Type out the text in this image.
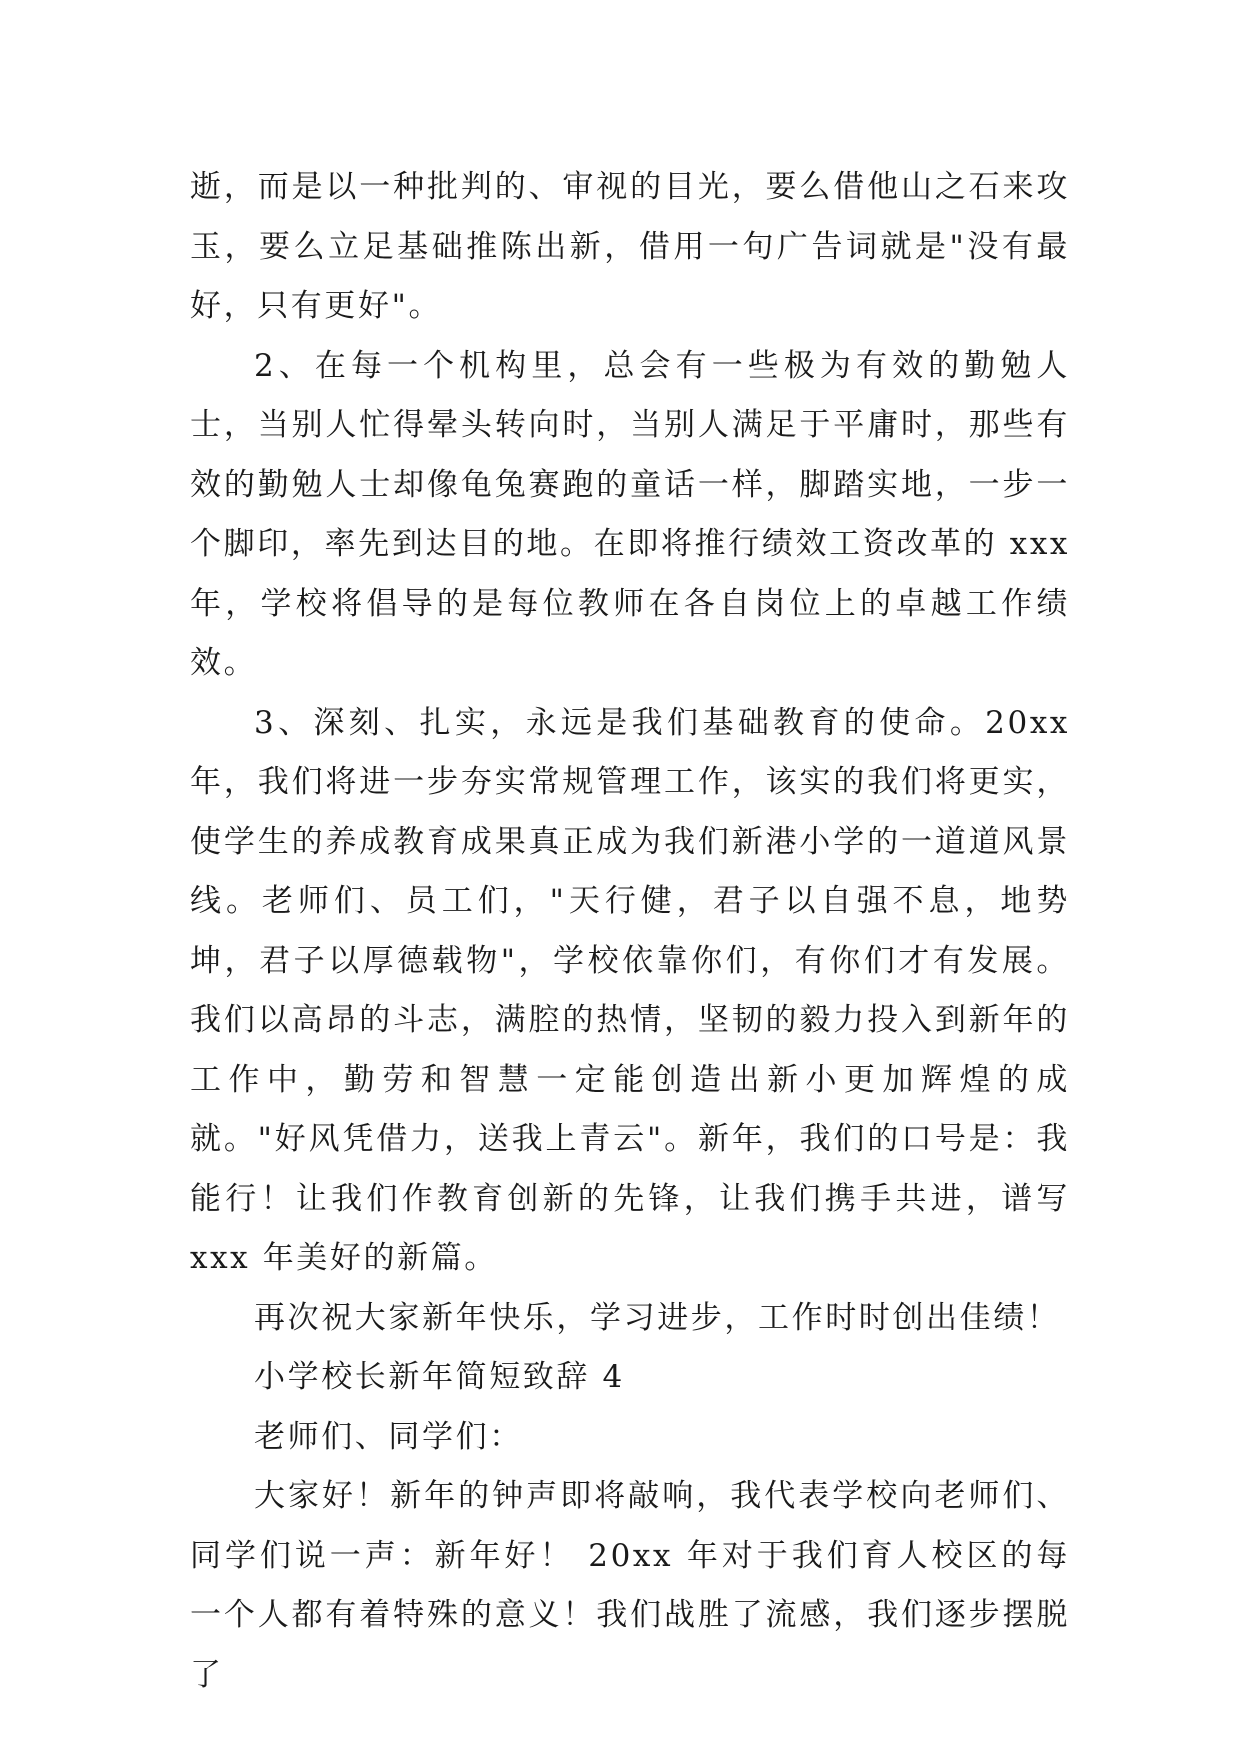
逝，而是以一种批判的、审视的目光，要么借他山之石来攻玉，要么立足基础推陈出新，借用一句广告词就是"没有最好，只有更好"。

2、在每一个机构里，总会有一些极为有效的勤勉人士，当别人忙得晕头转向时，当别人满足于平庸时，那些有效的勤勉人士却像龟兔赛跑的童话一样，脚踏实地，一步一个脚印，率先到达目的地。在即将推行绩效工资改革的 xxx 年，学校将倡导的是每位教师在各自岗位上的卓越工作绩效。

3、深刻、扎实，永远是我们基础教育的使命。20xx 年，我们将进一步夯实常规管理工作，该实的我们将更实，使学生的养成教育成果真正成为我们新港小学的一道道风景线。老师们、员工们，"天行健，君子以自强不息，地势坤，君子以厚德载物"，学校依靠你们，有你们才有发展。我们以高昂的斗志，满腔的热情，坚韧的毅力投入到新年的工作中，勤劳和智慧一定能创造出新小更加辉煌的成就。"好风凭借力，送我上青云"。新年，我们的口号是：我能行！让我们作教育创新的先锋，让我们携手共进，谱写 xxx 年美好的新篇。

再次祝大家新年快乐，学习进步，工作时时创出佳绩！

小学校长新年简短致辞 4

老师们、同学们：

大家好！新年的钟声即将敲响，我代表学校向老师们、同学们说一声：新年好！ 20xx 年对于我们育人校区的每一个人都有着特殊的意义！我们战胜了流感，我们逐步摆脱了
